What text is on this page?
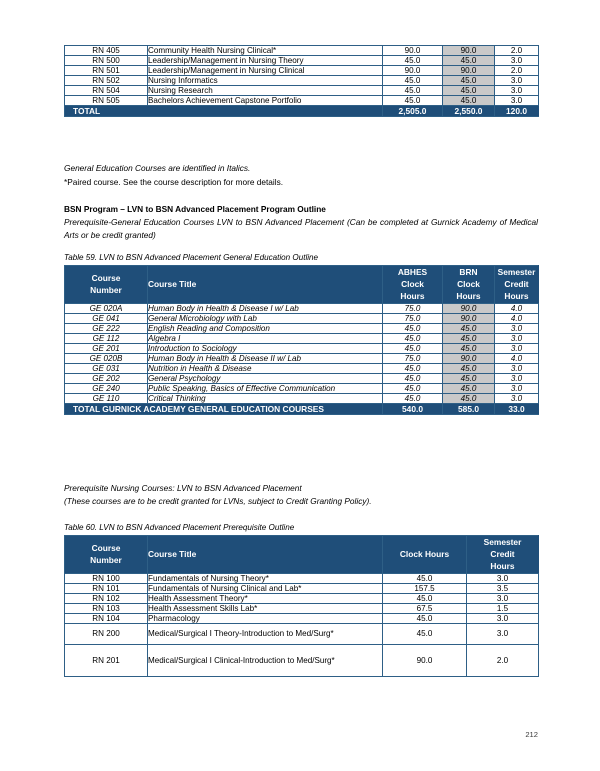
RN 405	Community Health Nursing Clinical*	90.0	90.0	2.0
RN 500	Leadership/Management in Nursing Theory	45.0	45.0	3.0
RN 501	Leadership/Management in Nursing Clinical	90.0	90.0	2.0
RN 502	Nursing Informatics	45.0	45.0	3.0
RN 504	Nursing Research	45.0	45.0	3.0
RN 505	Bachelors Achievement Capstone Portfolio	45.0	45.0	3.0
TOTAL		2,505.0	2,550.0	120.0
General Education Courses are identified in Italics.
*Paired course. See the course description for more details.
BSN Program – LVN to BSN Advanced Placement Program Outline
Prerequisite-General Education Courses LVN to BSN Advanced Placement (Can be completed at Gurnick Academy of Medical Arts or be credit granted)
Table 59. LVN to BSN Advanced Placement General Education Outline
Course
Number	Course Title	ABHES
Clock
Hours	BRN
Clock
Hours	Semester
Credit
Hours
GE 020A	Human Body in Health & Disease I w/ Lab	75.0	90.0	4.0
GE 041	General Microbiology with Lab	75.0	90.0	4.0
GE 222	English Reading and Composition	45.0	45.0	3.0
GE 112	Algebra I	45.0	45.0	3.0
GE 201	Introduction to Sociology	45.0	45.0	3.0
GE 020B	Human Body in Health & Disease II w/ Lab	75.0	90.0	4.0
GE 031	Nutrition in Health & Disease	45.0	45.0	3.0
GE 202	General Psychology	45.0	45.0	3.0
GE 240	Public Speaking, Basics of Effective Communication	45.0	45.0	3.0
GE 110	Critical Thinking	45.0	45.0	3.0
TOTAL GURNICK ACADEMY GENERAL EDUCATION COURSES		540.0	585.0	33.0
Prerequisite Nursing Courses: LVN to BSN Advanced Placement
(These courses are to be credit granted for LVNs, subject to Credit Granting Policy).
Table 60. LVN to BSN Advanced Placement Prerequisite Outline
Course
Number	Course Title	Clock Hours	Semester
Credit
Hours
RN 100	Fundamentals of Nursing Theory*	45.0	3.0
RN 101	Fundamentals of Nursing Clinical and Lab*	157.5	3.5
RN 102	Health Assessment Theory*	45.0	3.0
RN 103	Health Assessment Skills Lab*	67.5	1.5
RN 104	Pharmacology	45.0	3.0
RN 200	Medical/Surgical I Theory-Introduction to Med/Surg*	45.0	3.0
RN 201	Medical/Surgical I Clinical-Introduction to Med/Surg*	90.0	2.0
212
